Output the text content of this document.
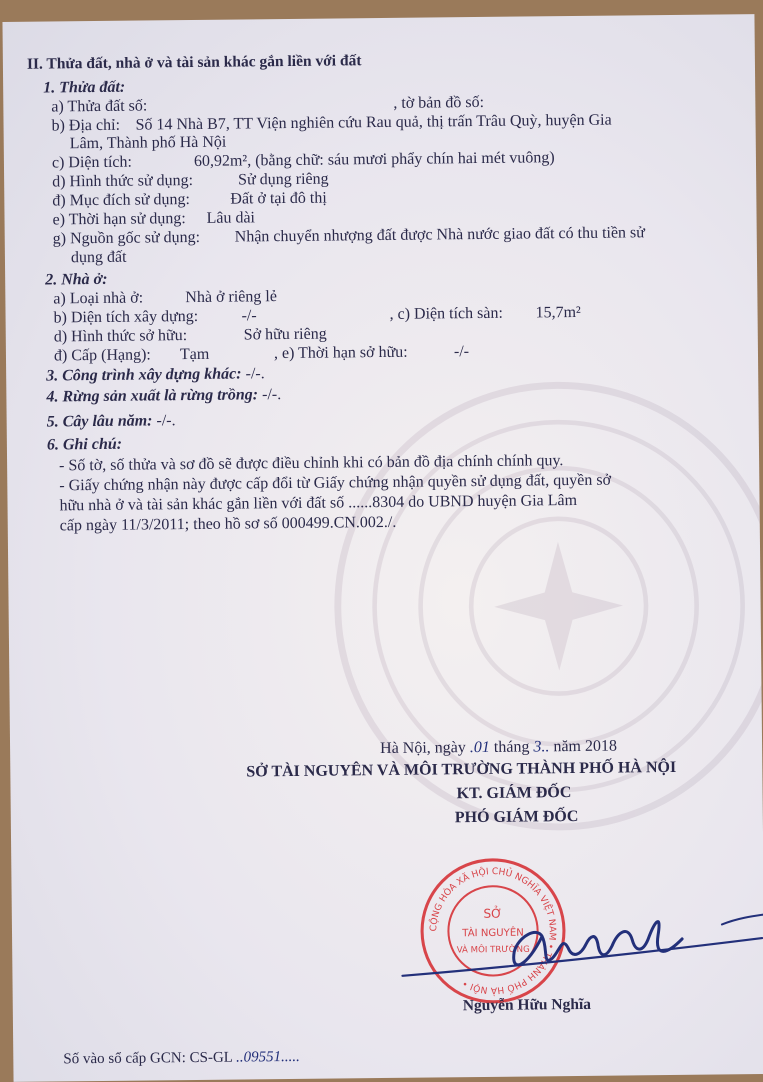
II. Thửa đất, nhà ở và tài sản khác gắn liền với đất
1. Thửa đất:
a) Thửa đất số:	, tờ bản đồ số:
b) Địa chỉ: Số 14 Nhà B7, TT Viện nghiên cứu Rau quả, thị trấn Trâu Quỳ, huyện Gia
Lâm, Thành phố Hà Nội
c) Diện tích:	60,92m², (bằng chữ: sáu mươi phẩy chín hai mét vuông)
d) Hình thức sử dụng:	Sử dụng riêng
đ) Mục đích sử dụng:	Đất ở tại đô thị
e) Thời hạn sử dụng: Lâu dài
g) Nguồn gốc sử dụng: Nhận chuyển nhượng đất được Nhà nước giao đất có thu tiền sử
dụng đất
2. Nhà ở:
a) Loại nhà ở:	Nhà ở riêng lẻ
b) Diện tích xây dựng:	-/-	, c) Diện tích sàn: 15,7m²
d) Hình thức sở hữu:	Sở hữu riêng
đ) Cấp (Hạng): Tạm	, e) Thời hạn sở hữu:	-/-
3. Công trình xây dựng khác: -/-.
4. Rừng sản xuất là rừng trồng: -/-.
5. Cây lâu năm: -/-.
6. Ghi chú:
- Số tờ, số thửa và sơ đồ sẽ được điều chỉnh khi có bản đồ địa chính chính quy.
- Giấy chứng nhận này được cấp đổi từ Giấy chứng nhận quyền sử dụng đất, quyền sở
hữu nhà ở và tài sản khác gắn liền với đất số ......8304 do UBND huyện Gia Lâm
cấp ngày 11/3/2011; theo hồ sơ số 000499.CN.002./.
Hà Nội, ngày .01 tháng 3.. năm 2018
SỞ TÀI NGUYÊN VÀ MÔI TRƯỜNG THÀNH PHỐ HÀ NỘI
KT. GIÁM ĐỐC
PHÓ GIÁM ĐỐC
CỘNG HÒA XÃ HỘI CHỦ NGHĨA VIỆT NAM • THÀNH PHỐ HÀ NỘI •
SỞ
TÀI NGUYÊN
VÀ MÔI TRƯỜNG
Nguyễn Hữu Nghĩa
Số vào sổ cấp GCN: CS-GL ..09551.....
